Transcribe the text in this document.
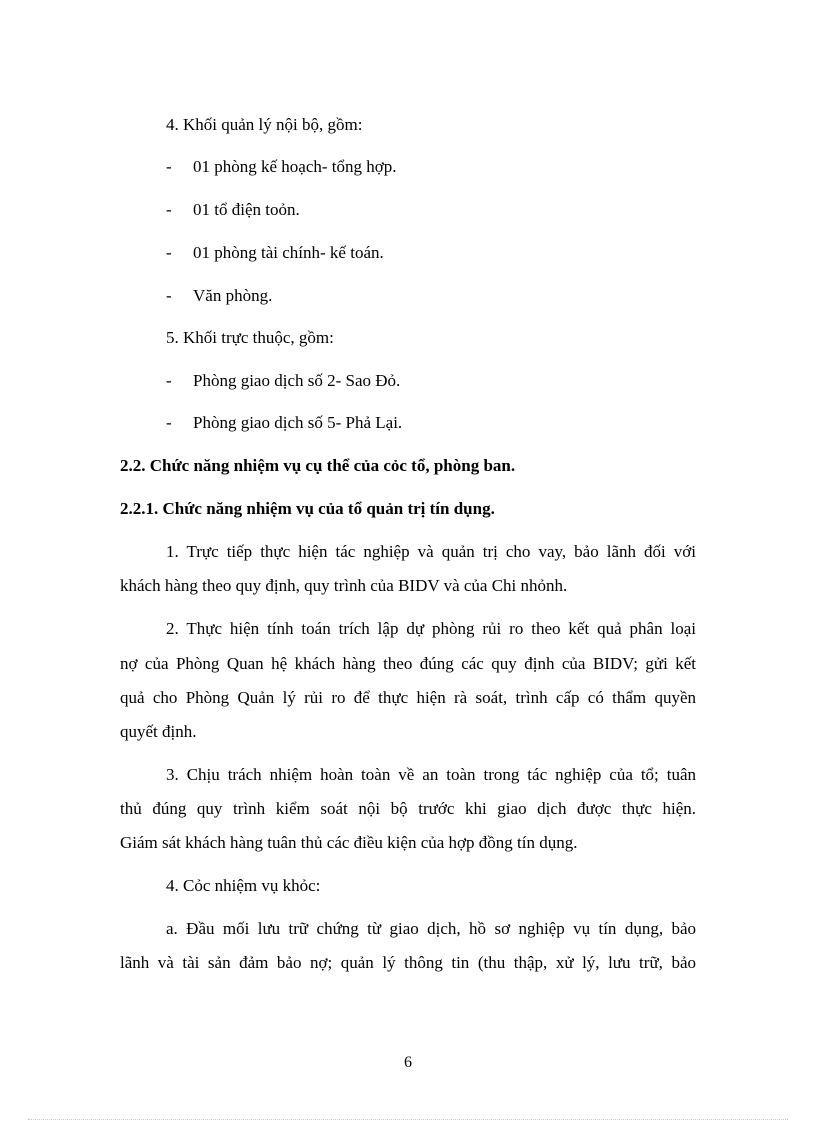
4. Khối quản lý nội bộ, gồm:
- 01 phòng kế hoạch- tổng hợp.
- 01 tổ điện toỏn.
- 01 phòng tài chính- kế toán.
- Văn phòng.
5. Khối trực thuộc, gồm:
- Phòng giao dịch số 2- Sao Đỏ.
- Phòng giao dịch số 5- Phả Lại.
2.2. Chức năng nhiệm vụ cụ thể của cỏc tổ, phòng ban.
2.2.1. Chức năng nhiệm vụ của tổ quản trị tín dụng.
1. Trực tiếp thực hiện tác nghiệp và quản trị cho vay, bảo lãnh đối với
khách hàng theo quy định, quy trình của BIDV và của Chi nhỏnh.
2. Thực hiện tính toán trích lập dự phòng rủi ro theo kết quả phân loại
nợ của Phòng Quan hệ khách hàng theo đúng các quy định của BIDV; gửi kết
quả cho Phòng Quản lý rủi ro để thực hiện rà soát, trình cấp có thẩm quyền
quyết định.
3. Chịu trách nhiệm hoàn toàn về an toàn trong tác nghiệp của tổ; tuân
thủ đúng quy trình kiểm soát nội bộ trước khi giao dịch được thực hiện.
Giám sát khách hàng tuân thủ các điều kiện của hợp đồng tín dụng.
4. Cỏc nhiệm vụ khỏc:
a. Đầu mối lưu trữ chứng từ giao dịch, hồ sơ nghiệp vụ tín dụng, bảo
lãnh và tài sản đảm bảo nợ; quản lý thông tin (thu thập, xử lý, lưu trữ, bảo
6
